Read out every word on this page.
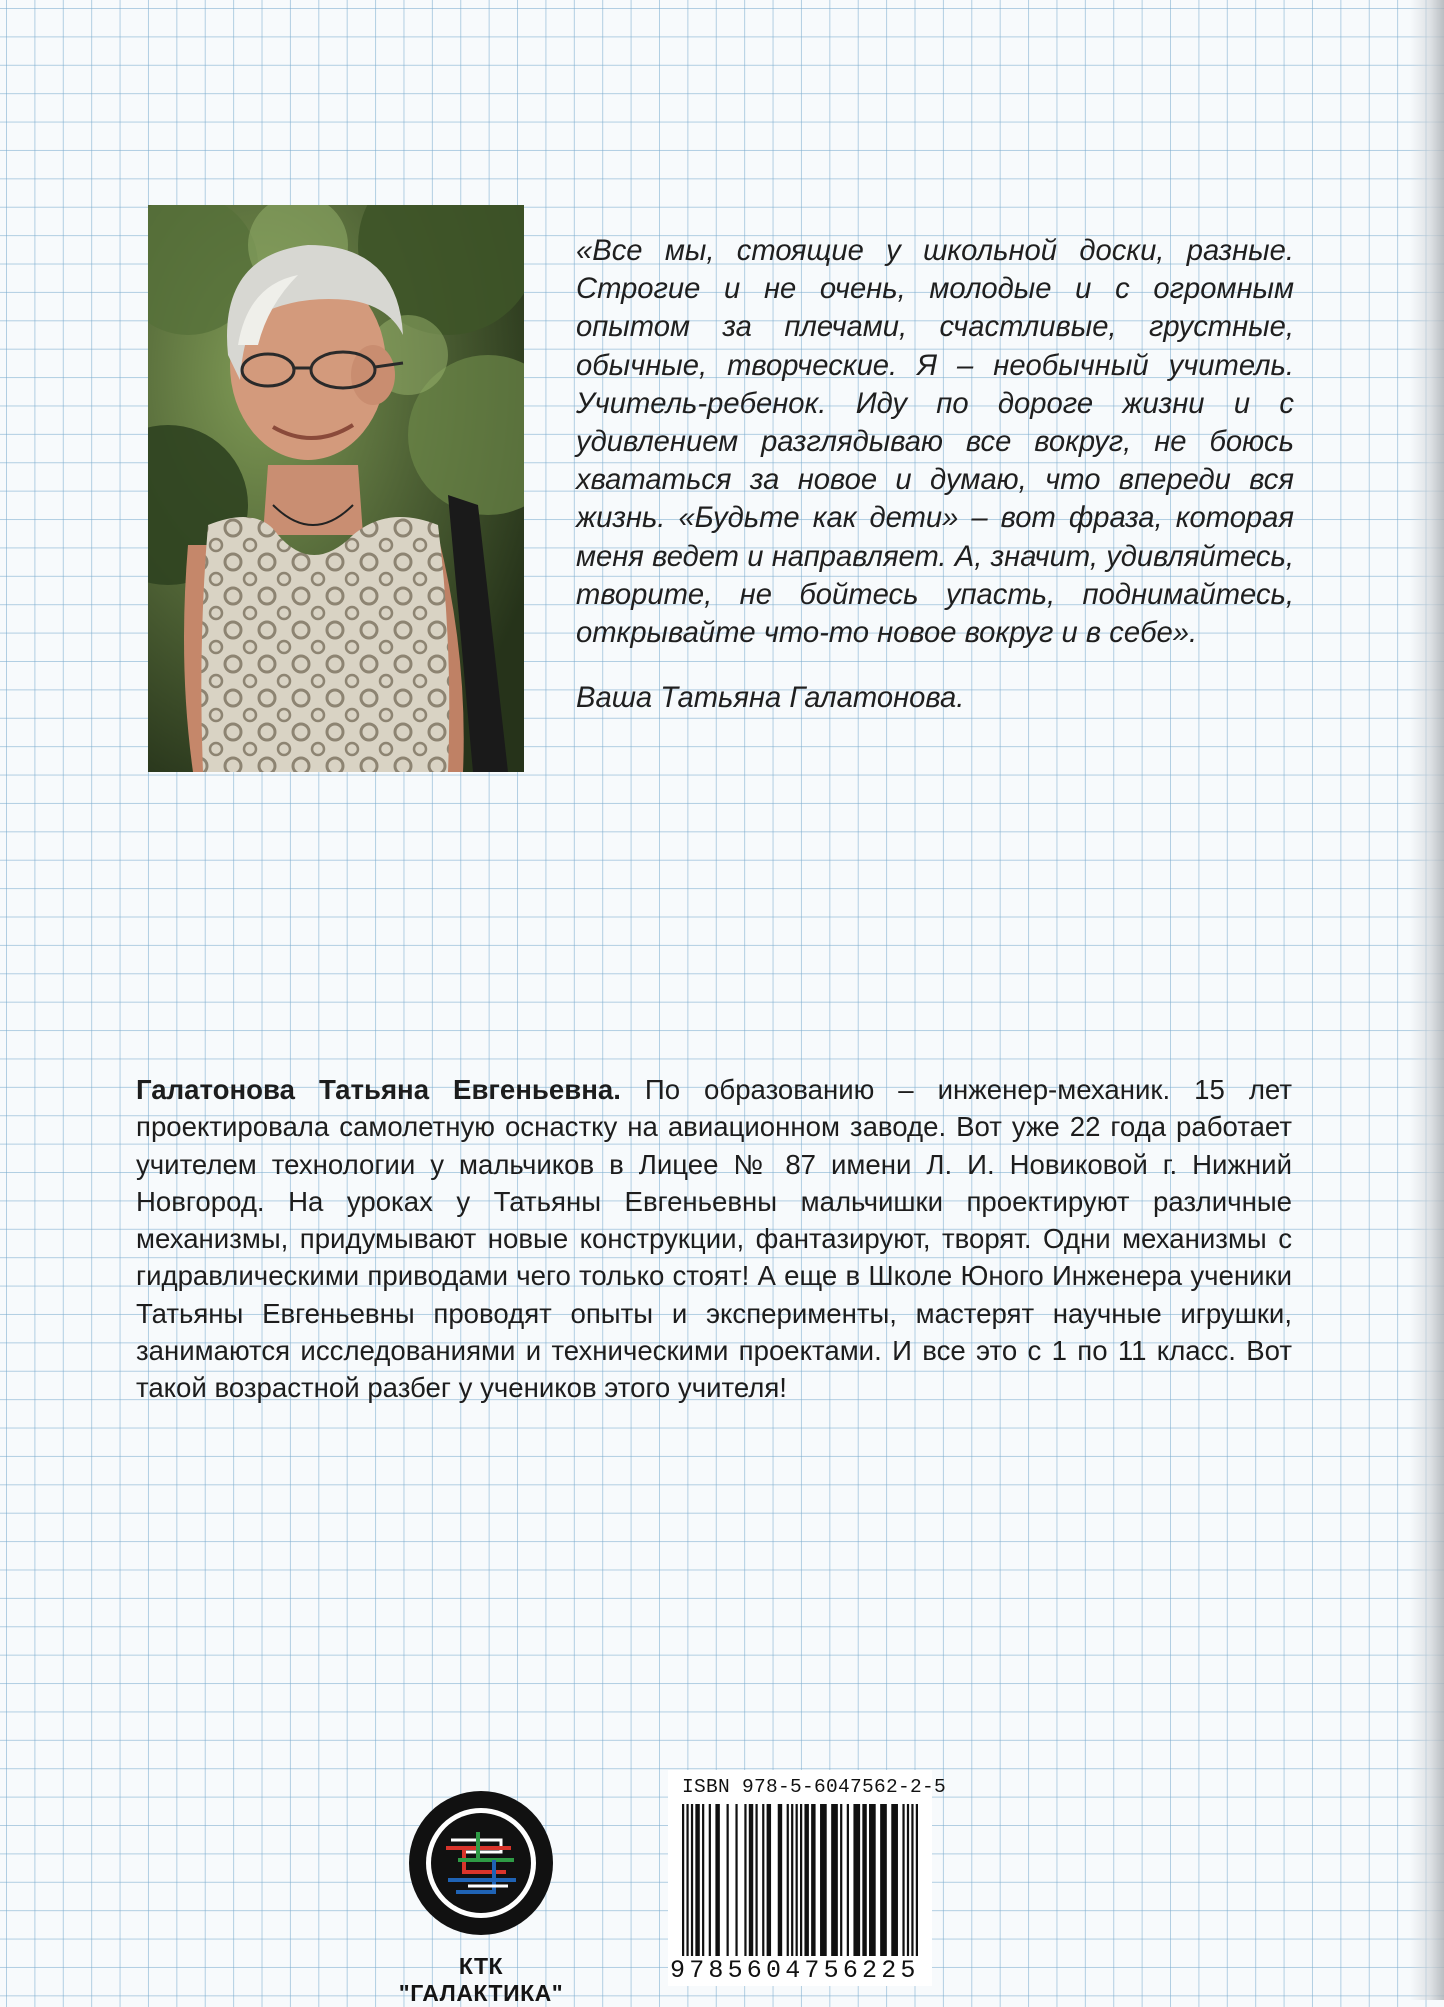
«Все мы, стоящие у школьной доски, разные. Строгие и не очень, молодые и с огромным опытом за плечами, счастливые, грустные, обычные, творческие. Я – необычный учитель. Учитель-ребенок. Иду по дороге жизни и с удивлением разглядываю все вокруг, не боюсь хвататься за новое и думаю, что впереди вся жизнь. «Будьте как дети» – вот фраза, которая меня ведет и направляет. А, значит, удивляйтесь, творите, не бойтесь упасть, поднимайтесь, открывайте что-то новое вокруг и в себе».
Ваша Татьяна Галатонова.
Галатонова Татьяна Евгеньевна. По образованию – инженер-механик. 15 лет проектировала самолетную оснастку на авиационном заводе. Вот уже 22 года работает учителем технологии у мальчиков в Лицее № 87 имени Л. И. Новиковой г. Нижний Новгород. На уроках у Татьяны Евгеньевны мальчишки проектируют различные механизмы, придумывают новые конструкции, фантазируют, творят. Одни механизмы с гидравлическими приводами чего только стоят! А еще в Школе Юного Инженера ученики Татьяны Евгеньевны проводят опыты и эксперименты, мастерят научные игрушки, занимаются исследованиями и техническими проектами. И все это с 1 по 11 класс. Вот такой возрастной разбег у учеников этого учителя!
КТК "ГАЛАКТИКА"
ISBN 978-5-6047562-2-5
9785604756225
